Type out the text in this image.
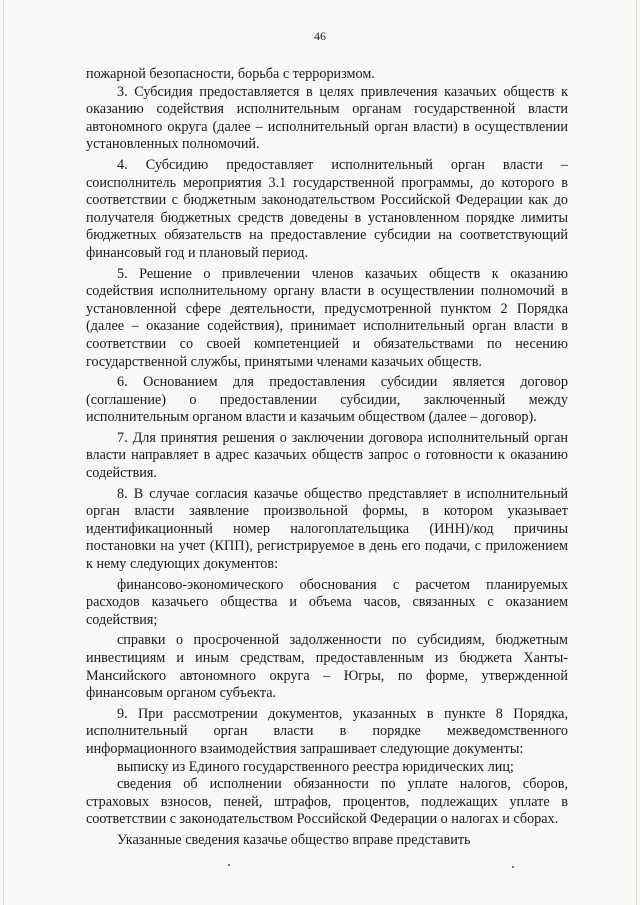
46

пожарной безопасности, борьба с терроризмом.

3. Субсидия предоставляется в целях привлечения казачьих обществ к оказанию содействия исполнительным органам государственной власти автономного округа (далее – исполнительный орган власти) в осуществлении установленных полномочий.

4. Субсидию предоставляет исполнительный орган власти – соисполнитель мероприятия 3.1 государственной программы, до которого в соответствии с бюджетным законодательством Российской Федерации как до получателя бюджетных средств доведены в установленном порядке лимиты бюджетных обязательств на предоставление субсидии на соответствующий финансовый год и плановый период.

5. Решение о привлечении членов казачьих обществ к оказанию содействия исполнительному органу власти в осуществлении полномочий в установленной сфере деятельности, предусмотренной пунктом 2 Порядка (далее – оказание содействия), принимает исполнительный орган власти в соответствии со своей компетенцией и обязательствами по несению государственной службы, принятыми членами казачьих обществ.

6. Основанием для предоставления субсидии является договор (соглашение) о предоставлении субсидии, заключенный между исполнительным органом власти и казачьим обществом (далее – договор).

7. Для принятия решения о заключении договора исполнительный орган власти направляет в адрес казачьих обществ запрос о готовности к оказанию содействия.

8. В случае согласия казачье общество представляет в исполнительный орган власти заявление произвольной формы, в котором указывает идентификационный номер налогоплательщика (ИНН)/код причины постановки на учет (КПП), регистрируемое в день его подачи, с приложением к нему следующих документов:

финансово-экономического обоснования с расчетом планируемых расходов казачьего общества и объема часов, связанных с оказанием содействия;

справки о просроченной задолженности по субсидиям, бюджетным инвестициям и иным средствам, предоставленным из бюджета Ханты-Мансийского автономного округа – Югры, по форме, утвержденной финансовым органом субъекта.

9. При рассмотрении документов, указанных в пункте 8 Порядка, исполнительный орган власти в порядке межведомственного информационного взаимодействия запрашивает следующие документы:

выписку из Единого государственного реестра юридических лиц;

сведения об исполнении обязанности по уплате налогов, сборов, страховых взносов, пеней, штрафов, процентов, подлежащих уплате в соответствии с законодательством Российской Федерации о налогах и сборах.

Указанные сведения казачье общество вправе представить
